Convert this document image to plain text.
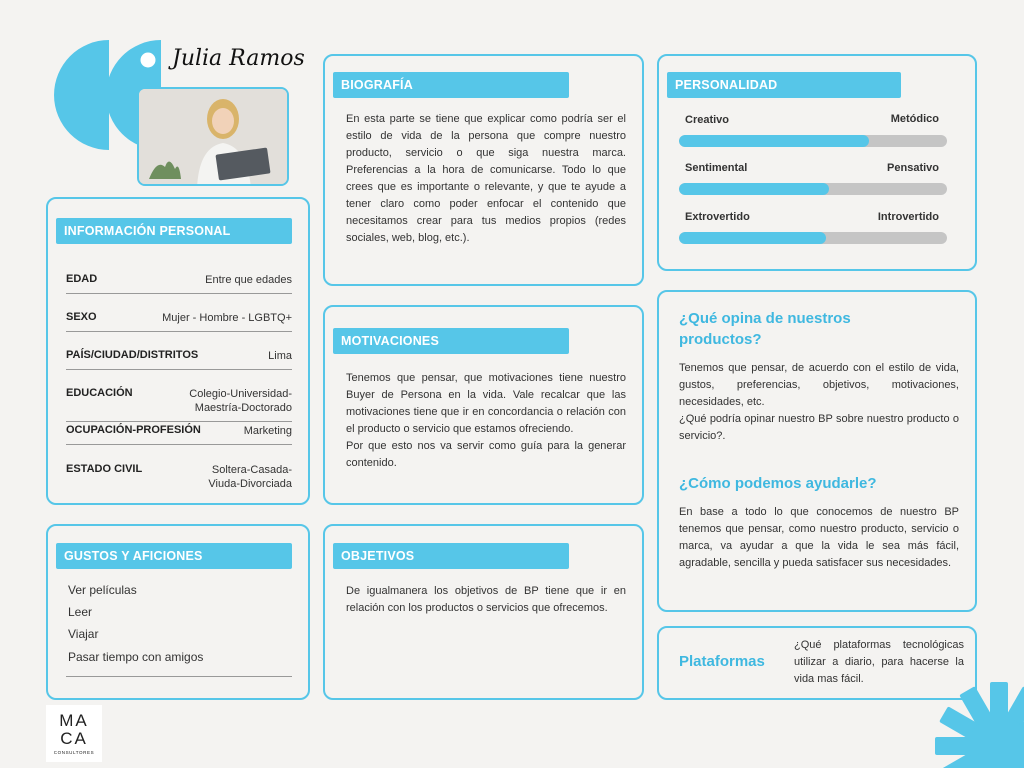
Julia Ramos
INFORMACIÓN PERSONAL
EDAD	Entre que edades
SEXO	Mujer - Hombre - LGBTQ+
PAÍS/CIUDAD/DISTRITOS	Lima
EDUCACIÓN	Colegio-Universidad-
Maestría-Doctorado
OCUPACIÓN-PROFESIÓN	Marketing
ESTADO CIVIL	Soltera-Casada-
Viuda-Divorciada
GUSTOS Y AFICIONES
Ver películas
Leer
Viajar
Pasar tiempo con amigos
BIOGRAFÍA
En esta parte se tiene que explicar como podría ser el estilo de vida de la persona que compre nuestro producto, servicio o que siga nuestra marca. Preferencias a la hora de comunicarse. Todo lo que crees que es importante o relevante, y que te ayude a tener claro como poder enfocar el contenido que necesitamos crear para tus medios propios (redes sociales, web, blog, etc.).
MOTIVACIONES
Tenemos que pensar, que motivaciones tiene nuestro Buyer de Persona en la vida. Vale recalcar que las motivaciones tiene que ir en concordancia o relación con el producto o servicio que estamos ofreciendo.
Por que esto nos va servir como guía para la generar contenido.
OBJETIVOS
De igualmanera los objetivos de BP tiene que ir en relación con los productos o servicios que ofrecemos.
PERSONALIDAD
Creativo	Metódico
Sentimental	Pensativo
Extrovertido	Introvertido
¿Qué opina de nuestros productos?
Tenemos que pensar, de acuerdo con el estilo de vida, gustos, preferencias, objetivos, motivaciones, necesidades, etc.
¿Qué podría opinar nuestro BP sobre nuestro producto o servicio?.
¿Cómo podemos ayudarle?
En base a todo lo que conocemos de nuestro BP tenemos que pensar, como nuestro producto, servicio o marca, va ayudar a que la vida le sea más fácil, agradable, sencilla y pueda satisfacer sus necesidades.
Plataformas
¿Qué plataformas tecnológicas utilizar a diario, para hacerse la vida mas fácil.
MA
CA
CONSULTORES
